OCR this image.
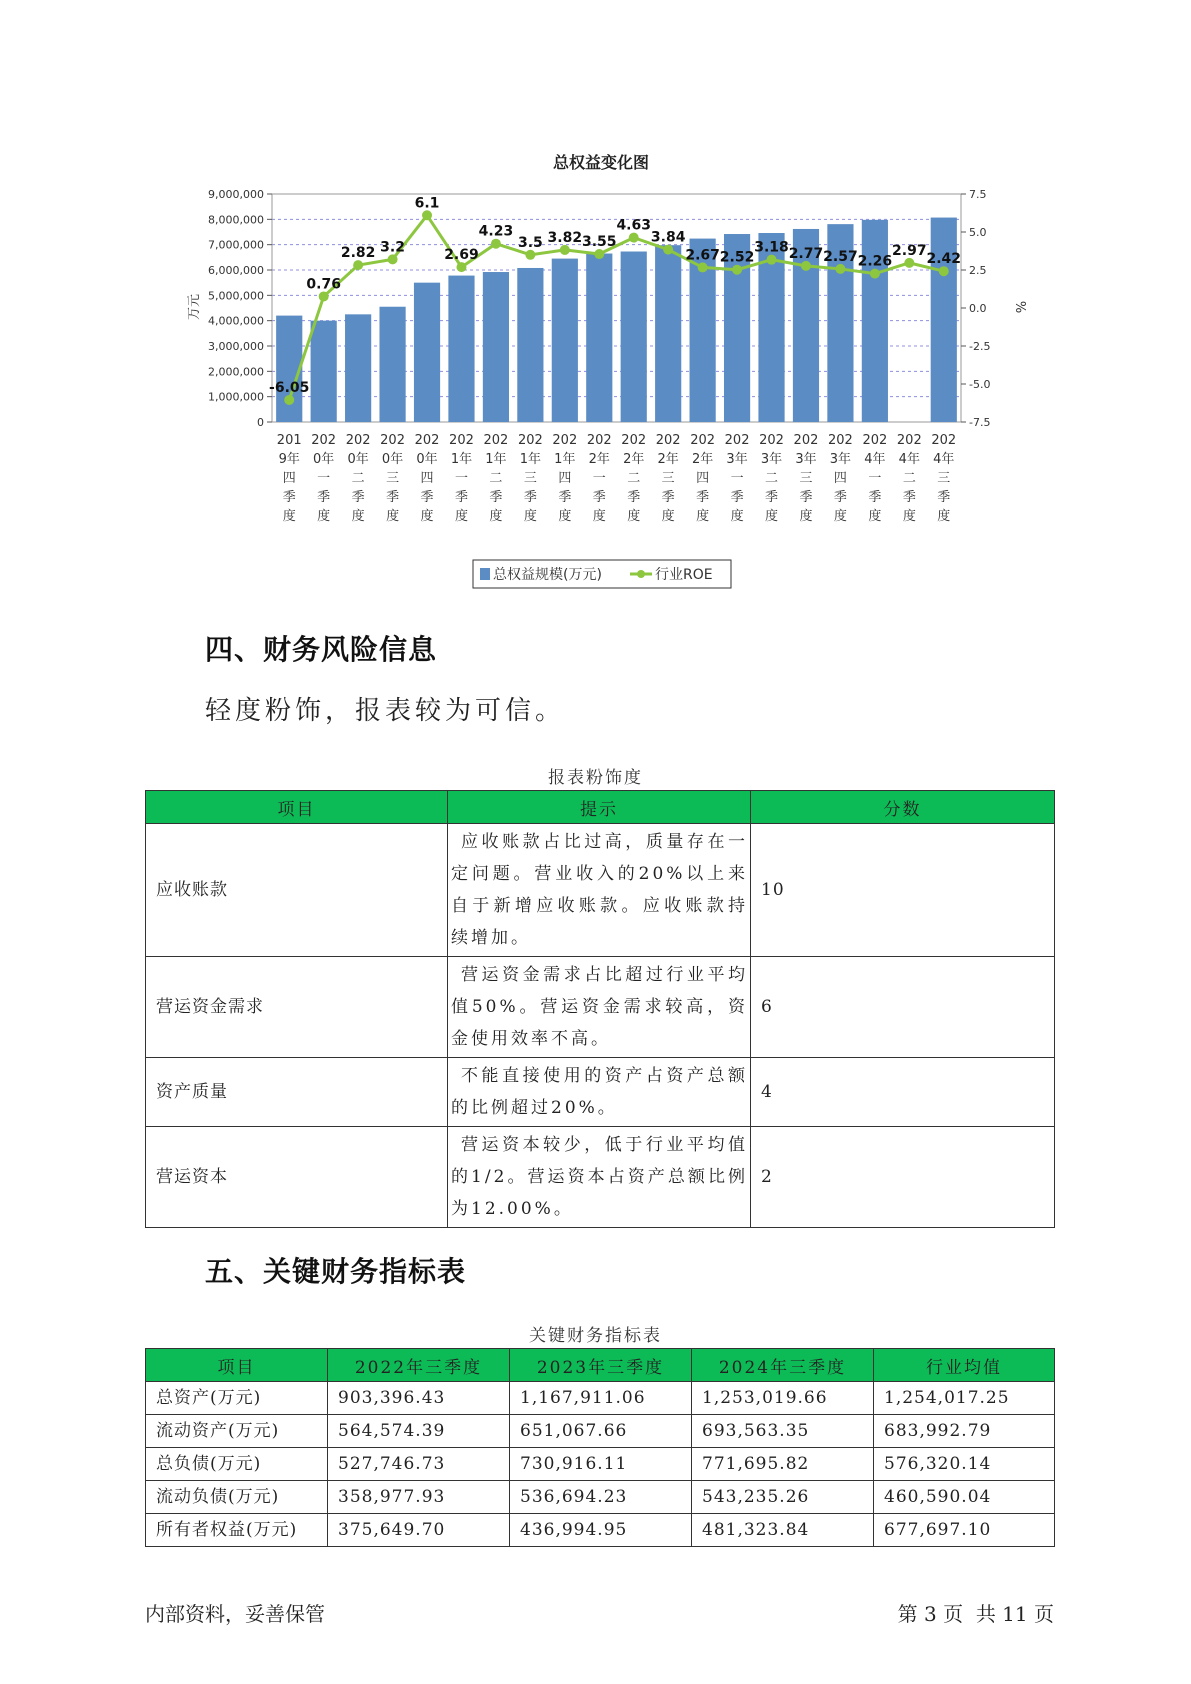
总权益变化图
9,000,000
8,000,000
7,000,000
6,000,000
5,000,000
4,000,000
3,000,000
2,000,000
1,000,000
0
7.5
5.0
2.5
0.0
-2.5
-5.0
-7.5
万元	%
-6.05
0.76
2.82 3.2
6.1
2.69
4.23
3.5 3.82 3.55
4.63
3.84
2.67 2.52
3.18 2.77 2.57 2.26
2.97
2.42
201 9年四季度
202 0年一季度
202 0年二季度
202 0年三季度
202 0年四季度
202 1年一季度
202 1年二季度
202 1年三季度
202 1年四季度
202 2年一季度
202 2年二季度
202 2年三季度
202 2年四季度
202 3年一季度
202 3年二季度
202 3年三季度
202 3年四季度
202 4年一季度
202 4年二季度
202 4年三季度
总权益规模(万元)	行业ROE
四、财务风险信息
轻度粉饰，报表较为可信。
报表粉饰度
项目	提示	分数
应收账款	应收账款占比过高，质量存在一定问题。营业收入的20%以上来自于新增应收账款。应收账款持续增加。	10
营运资金需求	营运资金需求占比超过行业平均值50%。营运资金需求较高，资金使用效率不高。	6
资产质量	不能直接使用的资产占资产总额的比例超过20%。	4
营运资本	营运资本较少，低于行业平均值的1/2。营运资本占资产总额比例为12.00%。	2
五、关键财务指标表
关键财务指标表
项目	2022年三季度	2023年三季度	2024年三季度	行业均值
总资产(万元)	903,396.43	1,167,911.06	1,253,019.66	1,254,017.25
流动资产(万元)	564,574.39	651,067.66	693,563.35	683,992.79
总负债(万元)	527,746.73	730,916.11	771,695.82	576,320.14
流动负债(万元)	358,977.93	536,694.23	543,235.26	460,590.04
所有者权益(万元)	375,649.70	436,994.95	481,323.84	677,697.10
内部资料，妥善保管	第 3 页  共 11 页
